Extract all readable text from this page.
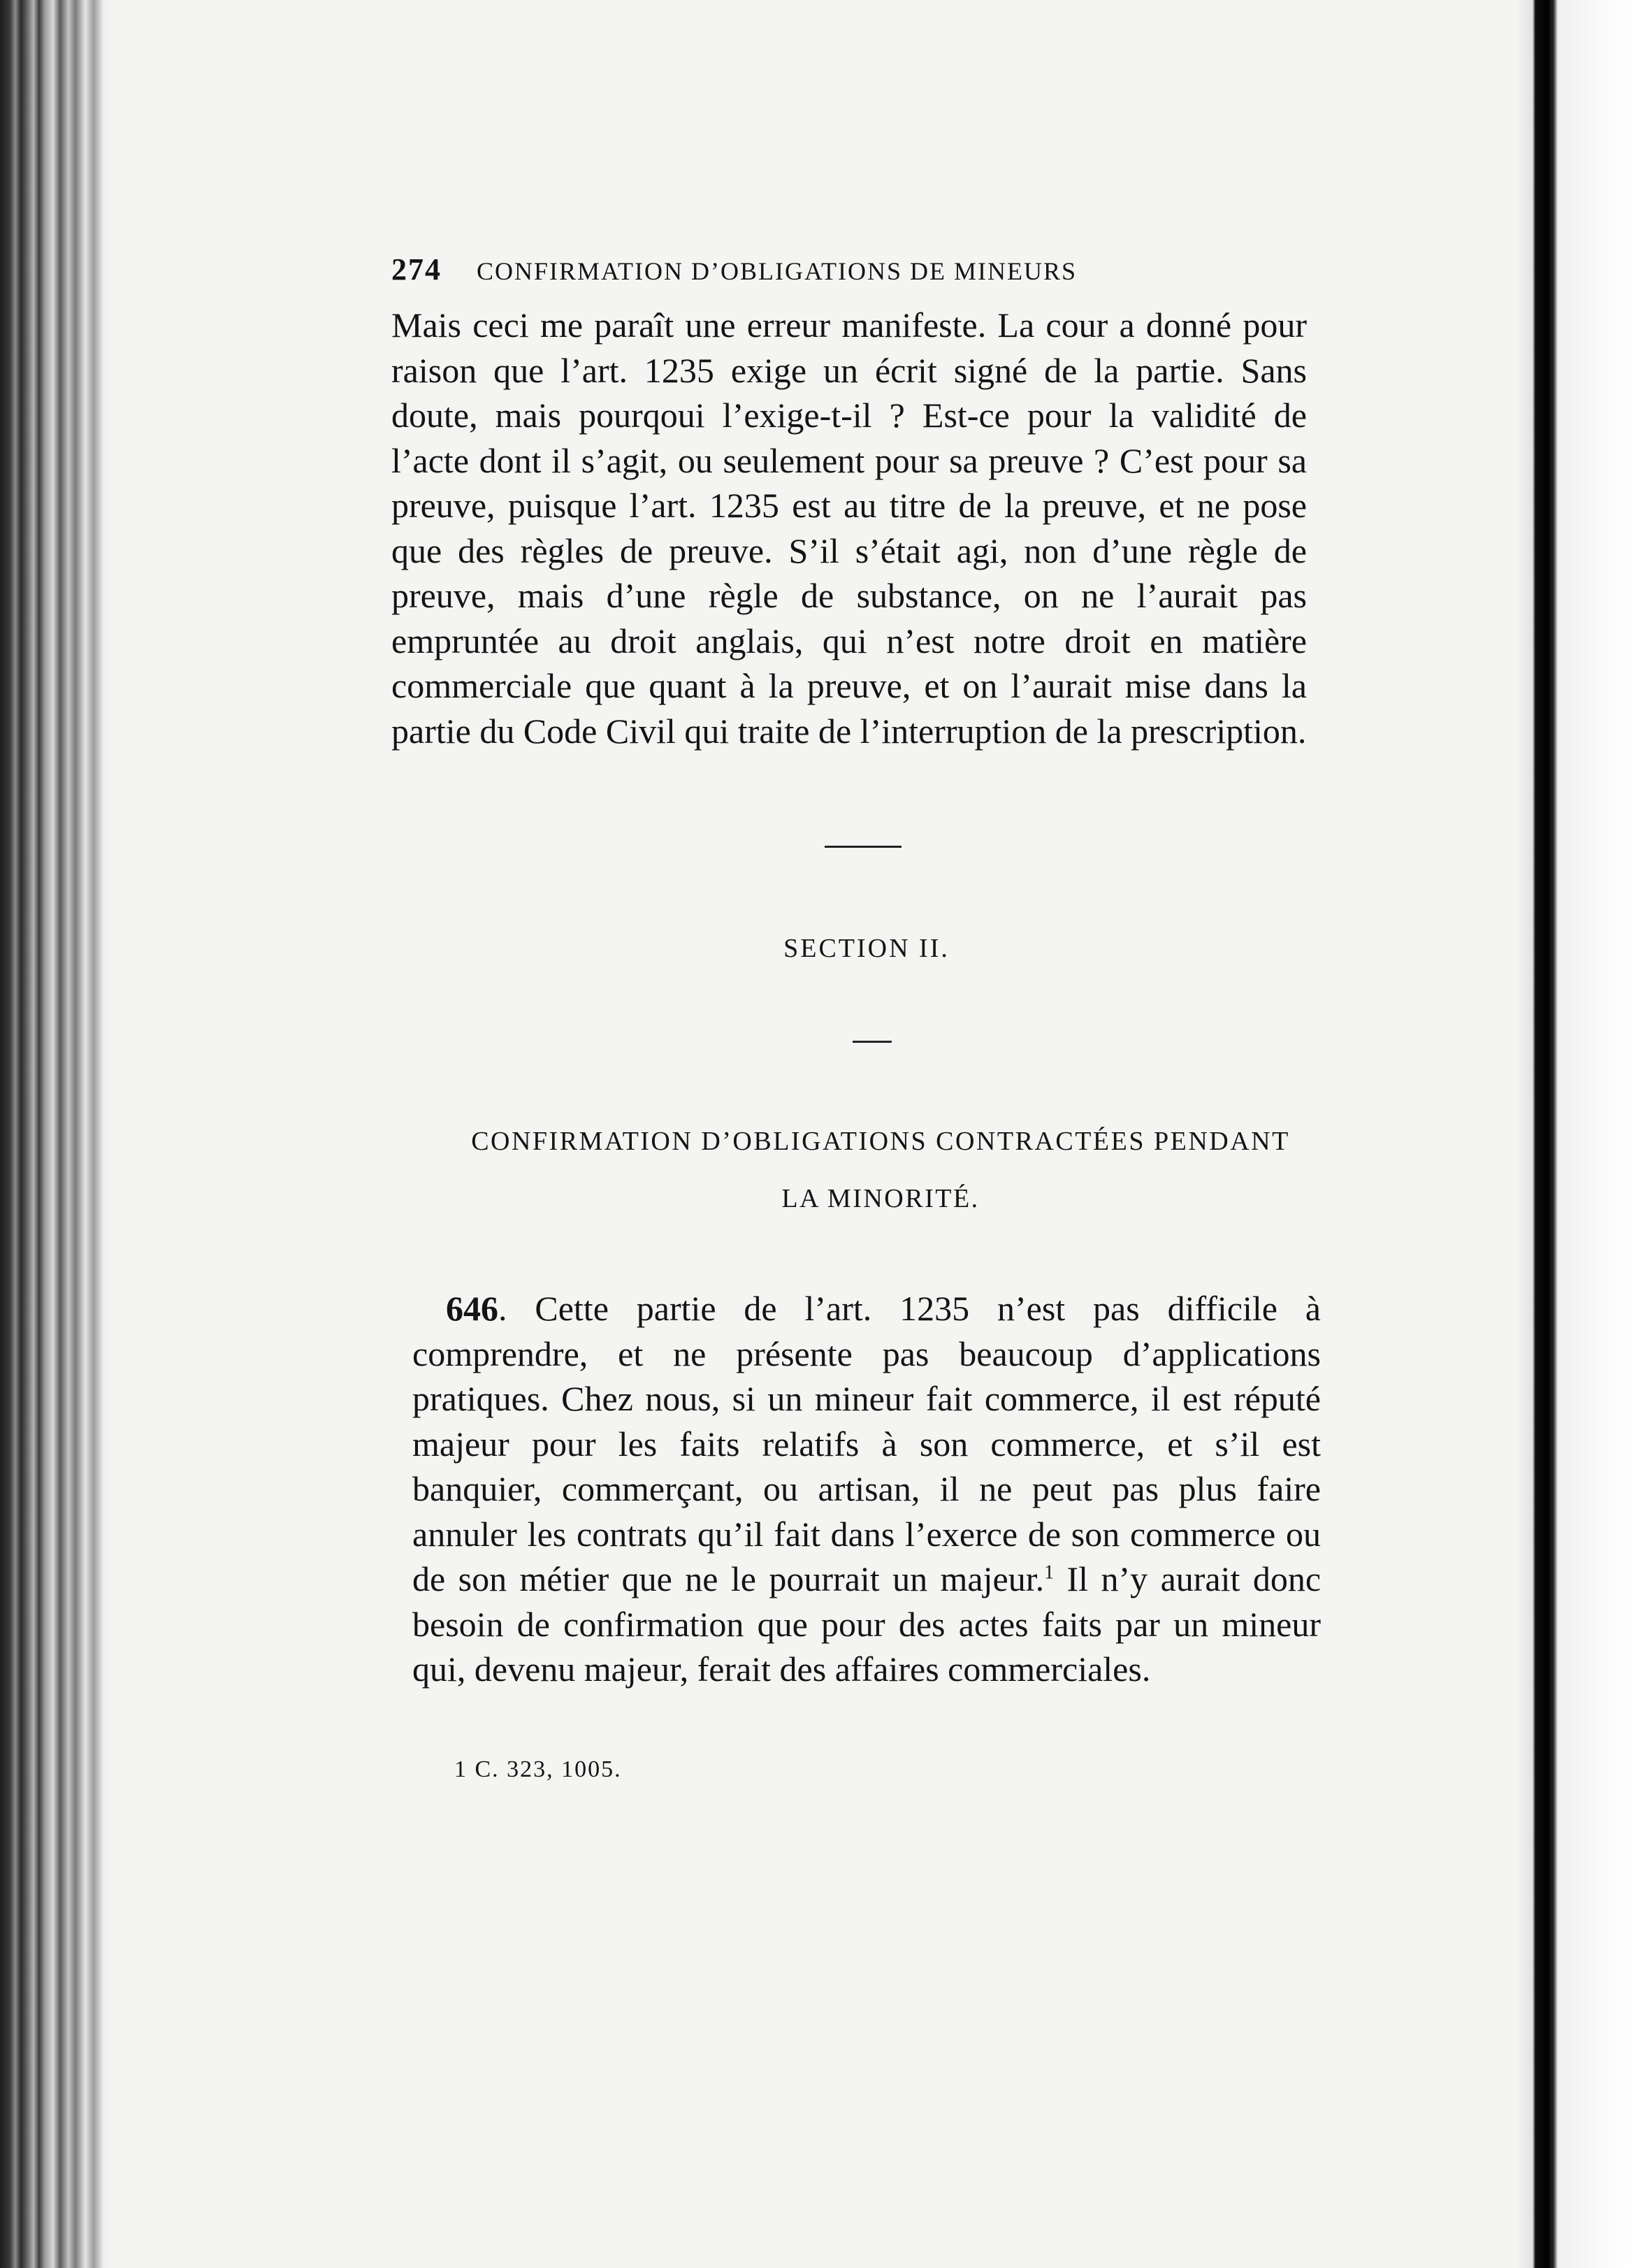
274 CONFIRMATION D’OBLIGATIONS DE MINEURS

Mais ceci me paraît une erreur manifeste. La cour a donné pour raison que l’art. 1235 exige un écrit signé de la partie. Sans doute, mais pourqoui l’exige-t-il ? Est-ce pour la validité de l’acte dont il s’agit, ou seulement pour sa preuve ? C’est pour sa preuve, puisque l’art. 1235 est au titre de la preuve, et ne pose que des règles de preuve. S’il s’était agi, non d’une règle de preuve, mais d’une règle de substance, on ne l’aurait pas empruntée au droit anglais, qui n’est notre droit en matière commerciale que quant à la preuve, et on l’aurait mise dans la partie du Code Civil qui traite de l’interruption de la prescription.

SECTION II.
CONFIRMATION D’OBLIGATIONS CONTRACTÉES PENDANT
LA MINORITÉ.

646. Cette partie de l’art. 1235 n’est pas difficile à comprendre, et ne présente pas beaucoup d’applications pratiques. Chez nous, si un mineur fait commerce, il est réputé majeur pour les faits relatifs à son commerce, et s’il est banquier, commerçant, ou artisan, il ne peut pas plus faire annuler les contrats qu’il fait dans l’exerce de son commerce ou de son métier que ne le pourrait un majeur.$^1$ Il n’y aurait donc besoin de confirmation que pour des actes faits par un mineur qui, devenu majeur, ferait des affaires commerciales.

1 C. 323, 1005.
